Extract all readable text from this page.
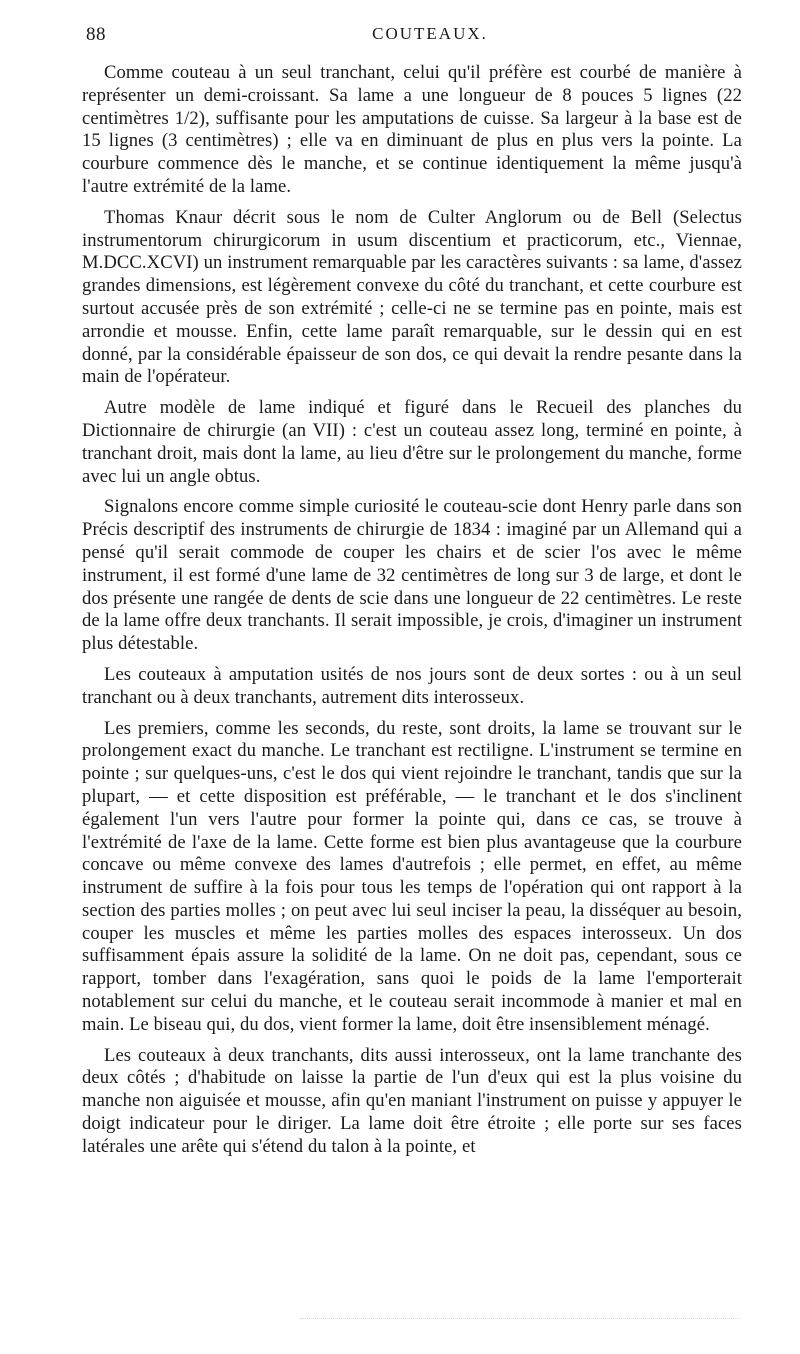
88	COUTEAUX.

Comme couteau à un seul tranchant, celui qu'il préfère est courbé de manière à représenter un demi-croissant. Sa lame a une longueur de 8 pouces 5 lignes (22 centimètres 1/2), suffisante pour les amputations de cuisse. Sa largeur à la base est de 15 lignes (3 centimètres) ; elle va en diminuant de plus en plus vers la pointe. La courbure commence dès le manche, et se continue identiquement la même jusqu'à l'autre extrémité de la lame.

Thomas Knaur décrit sous le nom de Culter Anglorum ou de Bell (Selectus instrumentorum chirurgicorum in usum discentium et practicorum, etc., Viennae, M.DCC.XCVI) un instrument remarquable par les caractères suivants : sa lame, d'assez grandes dimensions, est légèrement convexe du côté du tranchant, et cette courbure est surtout accusée près de son extrémité ; celle-ci ne se termine pas en pointe, mais est arrondie et mousse. Enfin, cette lame paraît remarquable, sur le dessin qui en est donné, par la considérable épaisseur de son dos, ce qui devait la rendre pesante dans la main de l'opérateur.

Autre modèle de lame indiqué et figuré dans le Recueil des planches du Dictionnaire de chirurgie (an VII) : c'est un couteau assez long, terminé en pointe, à tranchant droit, mais dont la lame, au lieu d'être sur le prolongement du manche, forme avec lui un angle obtus.

Signalons encore comme simple curiosité le couteau-scie dont Henry parle dans son Précis descriptif des instruments de chirurgie de 1834 : imaginé par un Allemand qui a pensé qu'il serait commode de couper les chairs et de scier l'os avec le même instrument, il est formé d'une lame de 32 centimètres de long sur 3 de large, et dont le dos présente une rangée de dents de scie dans une longueur de 22 centimètres. Le reste de la lame offre deux tranchants. Il serait impossible, je crois, d'imaginer un instrument plus détestable.

Les couteaux à amputation usités de nos jours sont de deux sortes : ou à un seul tranchant ou à deux tranchants, autrement dits interosseux.

Les premiers, comme les seconds, du reste, sont droits, la lame se trouvant sur le prolongement exact du manche. Le tranchant est rectiligne. L'instrument se termine en pointe ; sur quelques-uns, c'est le dos qui vient rejoindre le tranchant, tandis que sur la plupart, — et cette disposition est préférable, — le tranchant et le dos s'inclinent également l'un vers l'autre pour former la pointe qui, dans ce cas, se trouve à l'extrémité de l'axe de la lame. Cette forme est bien plus avantageuse que la courbure concave ou même convexe des lames d'autrefois ; elle permet, en effet, au même instrument de suffire à la fois pour tous les temps de l'opération qui ont rapport à la section des parties molles ; on peut avec lui seul inciser la peau, la disséquer au besoin, couper les muscles et même les parties molles des espaces interosseux. Un dos suffisamment épais assure la solidité de la lame. On ne doit pas, cependant, sous ce rapport, tomber dans l'exagération, sans quoi le poids de la lame l'emporterait notablement sur celui du manche, et le couteau serait incommode à manier et mal en main. Le biseau qui, du dos, vient former la lame, doit être insensiblement ménagé.

Les couteaux à deux tranchants, dits aussi interosseux, ont la lame tranchante des deux côtés ; d'habitude on laisse la partie de l'un d'eux qui est la plus voisine du manche non aiguisée et mousse, afin qu'en maniant l'instrument on puisse y appuyer le doigt indicateur pour le diriger. La lame doit être étroite ; elle porte sur ses faces latérales une arête qui s'étend du talon à la pointe, et
